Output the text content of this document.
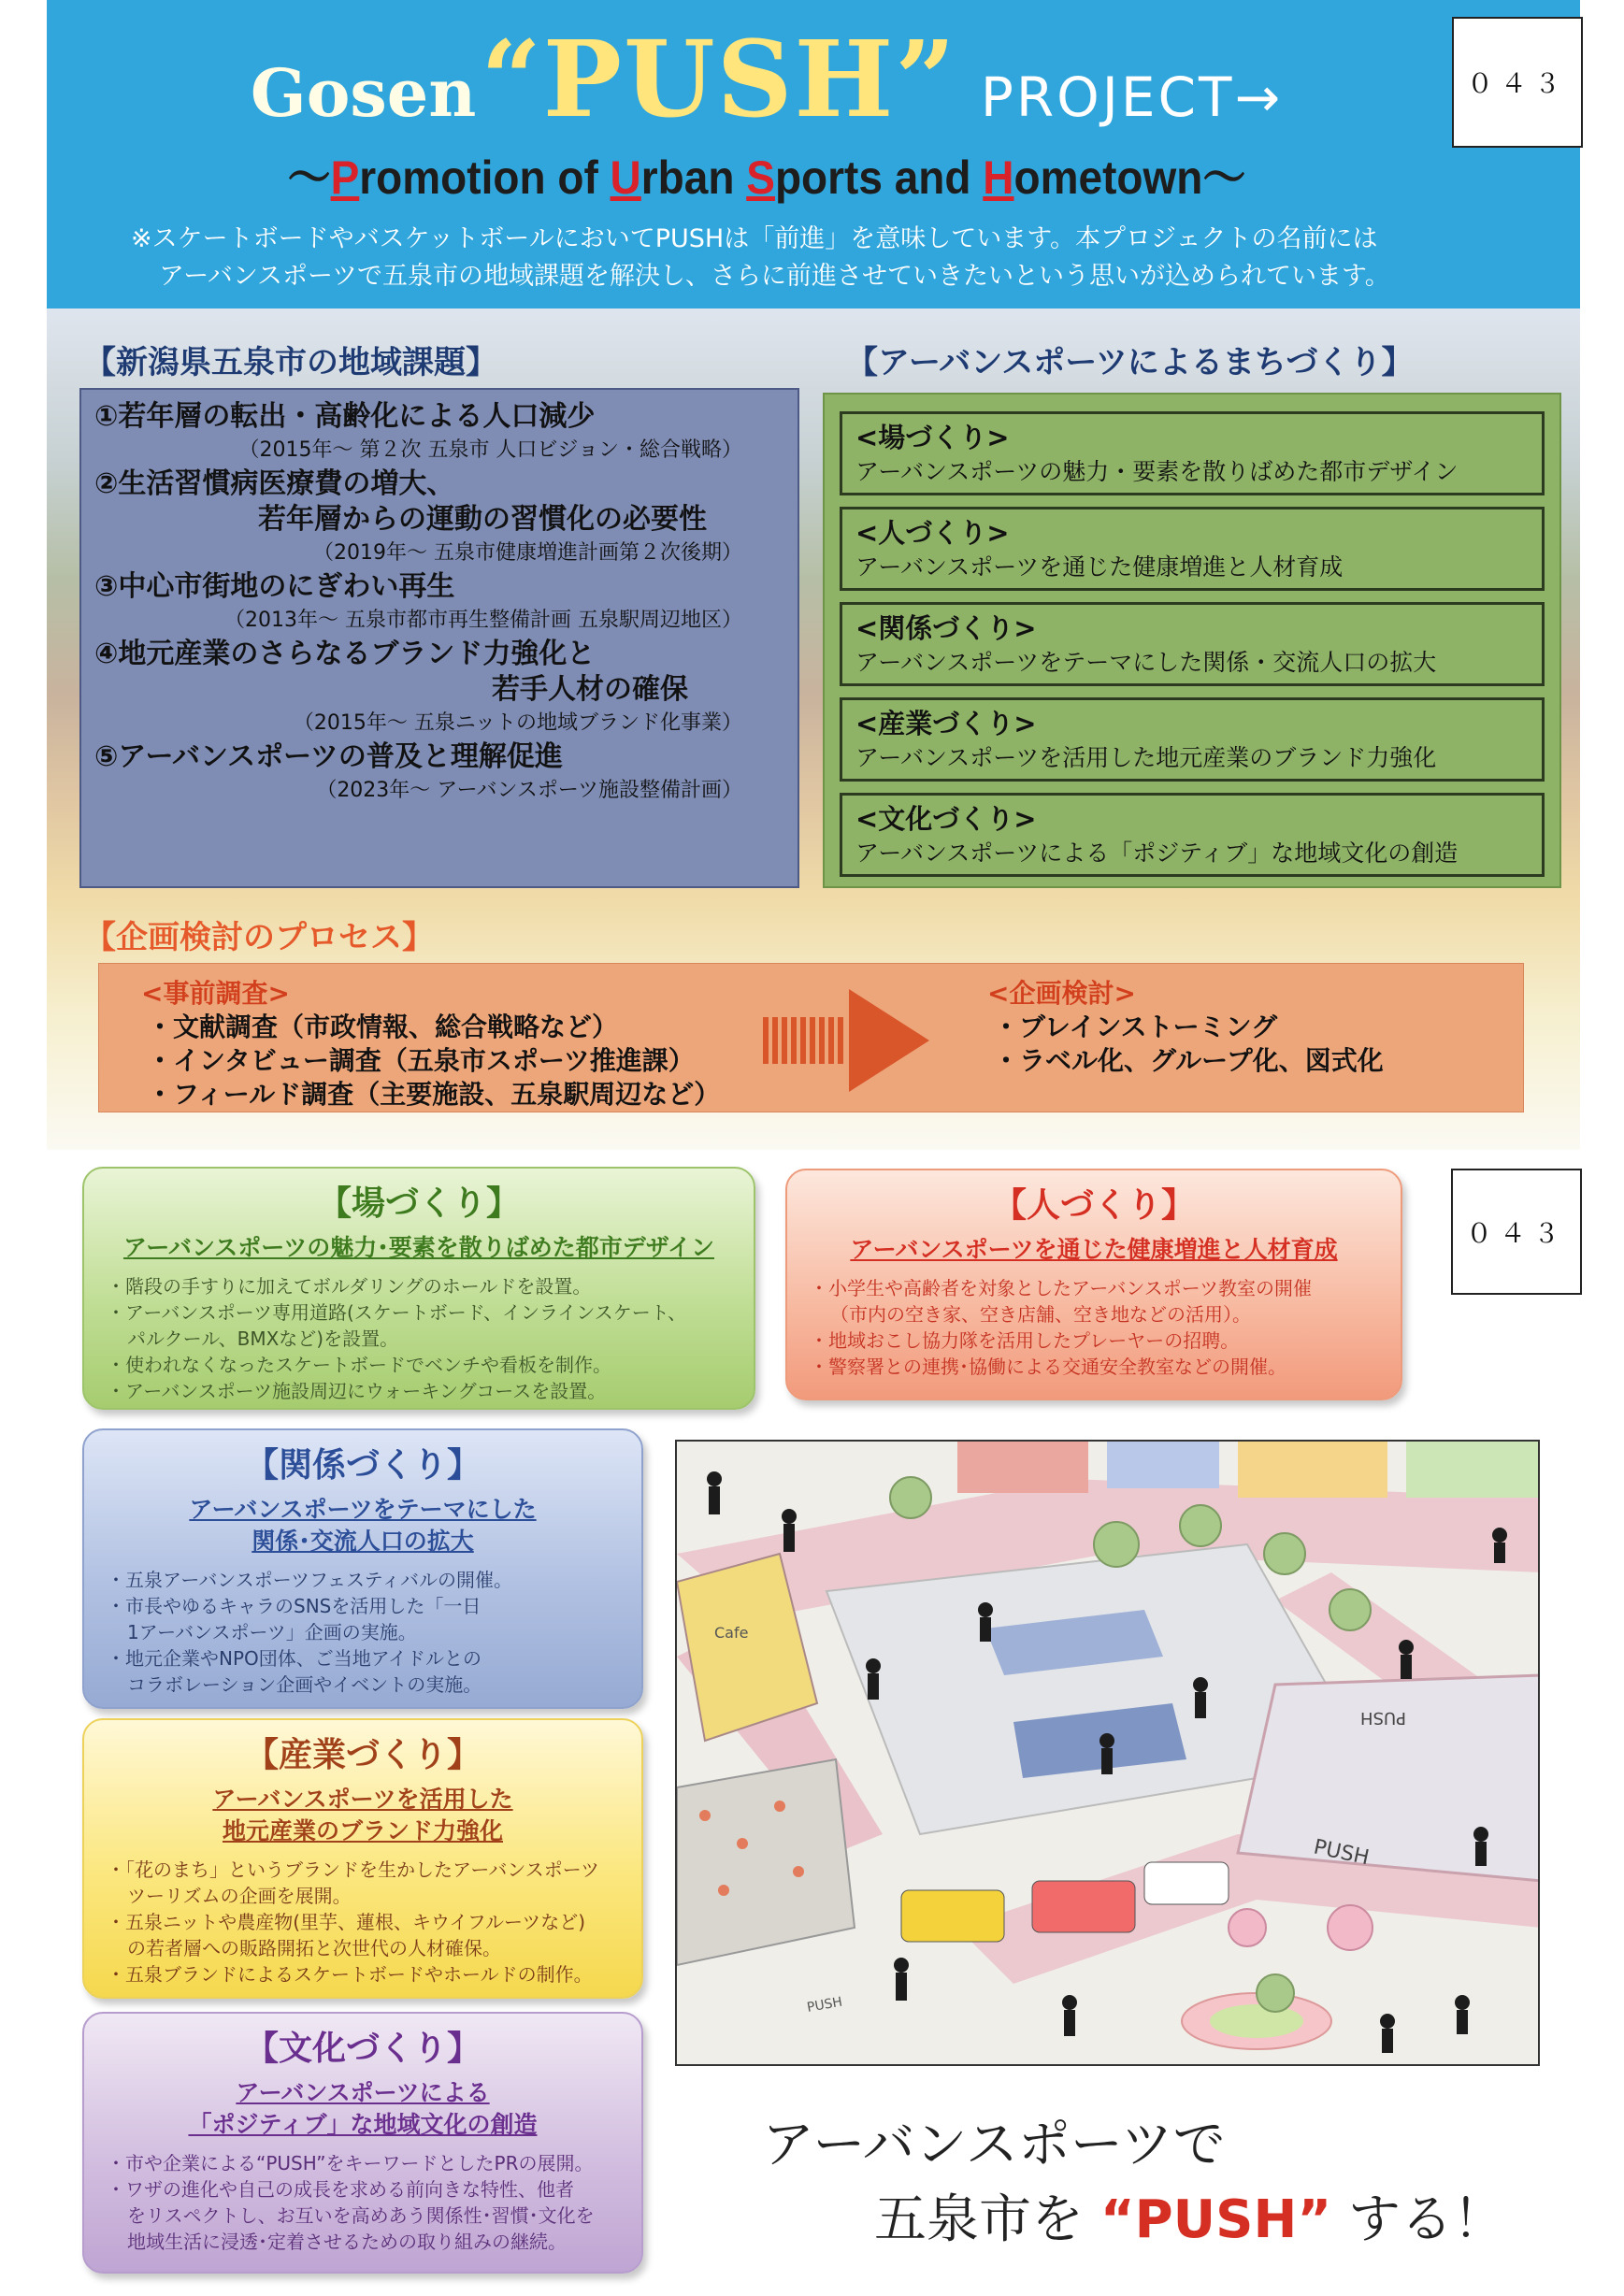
Gosen “PUSH” PROJECT→
〜Promotion of Urban Sports and Hometown〜
※スケートボードやバスケットボールにおいてPUSHは「前進」を意味しています。本プロジェクトの名前には
アーバンスポーツで五泉市の地域課題を解決し、さらに前進させていきたいという思いが込められています。
０４３
【新潟県五泉市の地域課題】
①若年層の転出・高齢化による人口減少
（2015年〜 第２次 五泉市 人口ビジョン・総合戦略）
②生活習慣病医療費の増大、
若年層からの運動の習慣化の必要性
（2019年〜 五泉市健康増進計画第２次後期）
③中心市街地のにぎわい再生
（2013年〜 五泉市都市再生整備計画 五泉駅周辺地区）
④地元産業のさらなるブランド力強化と
若手人材の確保
（2015年〜 五泉ニットの地域ブランド化事業）
⑤アーバンスポーツの普及と理解促進
（2023年〜 アーバンスポーツ施設整備計画）
【アーバンスポーツによるまちづくり】
<場づくり>
アーバンスポーツの魅力・要素を散りばめた都市デザイン
<人づくり>
アーバンスポーツを通じた健康増進と人材育成
<関係づくり>
アーバンスポーツをテーマにした関係・交流人口の拡大
<産業づくり>
アーバンスポーツを活用した地元産業のブランド力強化
<文化づくり>
アーバンスポーツによる「ポジティブ」な地域文化の創造
【企画検討のプロセス】
<事前調査>
・文献調査（市政情報、総合戦略など）
・インタビュー調査（五泉市スポーツ推進課）
・フィールド調査（主要施設、五泉駅周辺など）
<企画検討>
・ブレインストーミング
・ラベル化、グループ化、図式化
【場づくり】
アーバンスポーツの魅力･要素を散りばめた都市デザイン
・階段の手すりに加えてボルダリングのホールドを設置。
・アーバンスポーツ専用道路(スケートボード、インラインスケート、
パルクール、BMXなど)を設置。
・使われなくなったスケートボードでベンチや看板を制作。
・アーバンスポーツ施設周辺にウォーキングコースを設置。
【人づくり】
アーバンスポーツを通じた健康増進と人材育成
・小学生や高齢者を対象としたアーバンスポーツ教室の開催
（市内の空き家、空き店舗、空き地などの活用）。
・地域おこし協力隊を活用したプレーヤーの招聘。
・警察署との連携･協働による交通安全教室などの開催。
０４３
【関係づくり】
アーバンスポーツをテーマにした
関係･交流人口の拡大
・五泉アーバンスポーツフェスティバルの開催。
・市長やゆるキャラのSNSを活用した「一日
1アーバンスポーツ」企画の実施。
・地元企業やNPO団体、ご当地アイドルとの
コラボレーション企画やイベントの実施。
【産業づくり】
アーバンスポーツを活用した
地元産業のブランド力強化
・「花のまち」というブランドを生かしたアーバンスポーツ
ツーリズムの企画を展開。
・五泉ニットや農産物(里芋、蓮根、キウイフルーツなど)
の若者層への販路開拓と次世代の人材確保。
・五泉ブランドによるスケートボードやホールドの制作。
【文化づくり】
アーバンスポーツによる
「ポジティブ」な地域文化の創造
・市や企業による“PUSH”をキーワードとしたPRの展開。
・ワザの進化や自己の成長を求める前向きな特性、他者
をリスペクトし、お互いを高めあう関係性･習慣･文化を
地域生活に浸透･定着させるための取り組みの継続。
Cafe
PUSH
PUSH
PUSH
アーバンスポーツで
五泉市を “PUSH” する！
